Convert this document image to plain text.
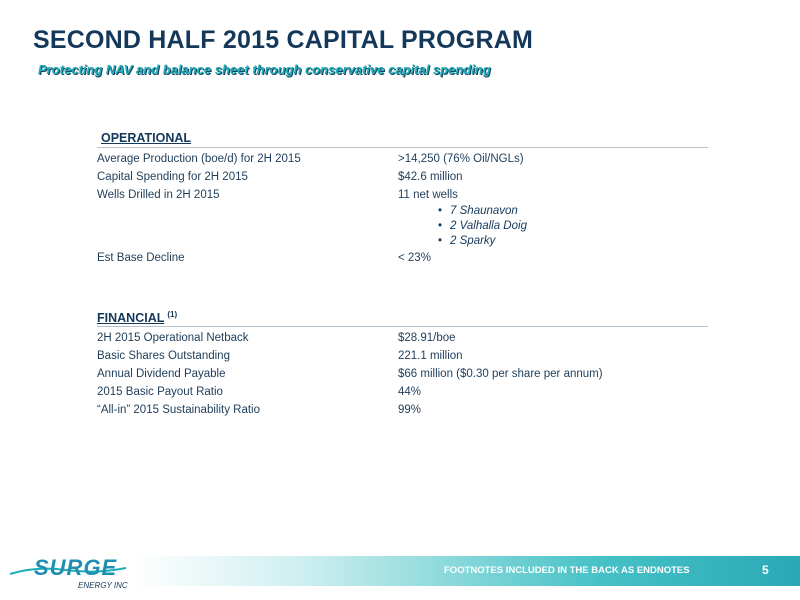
SECOND HALF 2015 CAPITAL PROGRAM
Protecting NAV and balance sheet through conservative capital spending
OPERATIONAL
Average Production (boe/d) for 2H 2015	>14,250 (76% Oil/NGLs)
Capital Spending for 2H 2015	$42.6 million
Wells Drilled in 2H 2015	11 net wells
• 7 Shaunavon
• 2 Valhalla Doig
• 2 Sparky
Est Base Decline	< 23%
FINANCIAL $^{(1)}$
2H 2015 Operational Netback	$28.91/boe
Basic Shares Outstanding	221.1 million
Annual Dividend Payable	$66 million ($0.30 per share per annum)
2015 Basic Payout Ratio	44%
“All-in” 2015 Sustainability Ratio	99%
SURGE
ENERGY INC
FOOTNOTES INCLUDED IN THE BACK AS ENDNOTES	5
